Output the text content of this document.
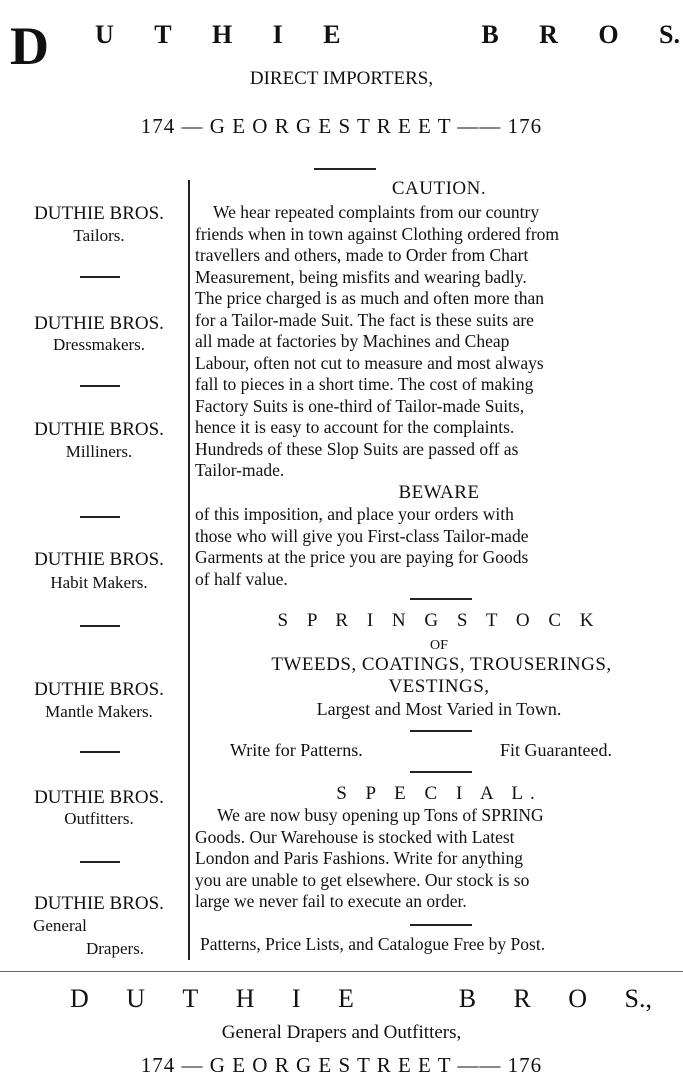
D U T H I E	B R O S.
DIRECT IMPORTERS,
174 — G E O R G E S T R E E T —— 176
DUTHIE BROS.
Tailors.
DUTHIE BROS.
Dressmakers.
DUTHIE BROS.
Milliners.
DUTHIE BROS.
Habit Makers.
DUTHIE BROS.
Mantle Makers.
DUTHIE BROS.
Outfitters.
DUTHIE BROS.
General
Drapers.
CAUTION.
We hear repeated complaints from our country
friends when in town against Clothing ordered from
travellers and others, made to Order from Chart
Measurement, being misfits and wearing badly.
The price charged is as much and often more than
for a Tailor-made Suit. The fact is these suits are
all made at factories by Machines and Cheap
Labour, often not cut to measure and most always
fall to pieces in a short time. The cost of making
Factory Suits is one-third of Tailor-made Suits,
hence it is easy to account for the complaints.
Hundreds of these Slop Suits are passed off as
Tailor-made.
BEWARE
of this imposition, and place your orders with
those who will give you First-class Tailor-made
Garments at the price you are paying for Goods
of half value.
S P R I N G S T O C K
OF
TWEEDS, COATINGS, TROUSERINGS,
VESTINGS,
Largest and Most Varied in Town.
Write for Patterns.	Fit Guaranteed.
S P E C I A L.
We are now busy opening up Tons of SPRING
Goods. Our Warehouse is stocked with Latest
London and Paris Fashions. Write for anything
you are unable to get elsewhere. Our stock is so
large we never fail to execute an order.
Patterns, Price Lists, and Catalogue Free by Post.
D U T H I E	B R O S.,
General Drapers and Outfitters,
174 — G E O R G E S T R E E T —— 176
